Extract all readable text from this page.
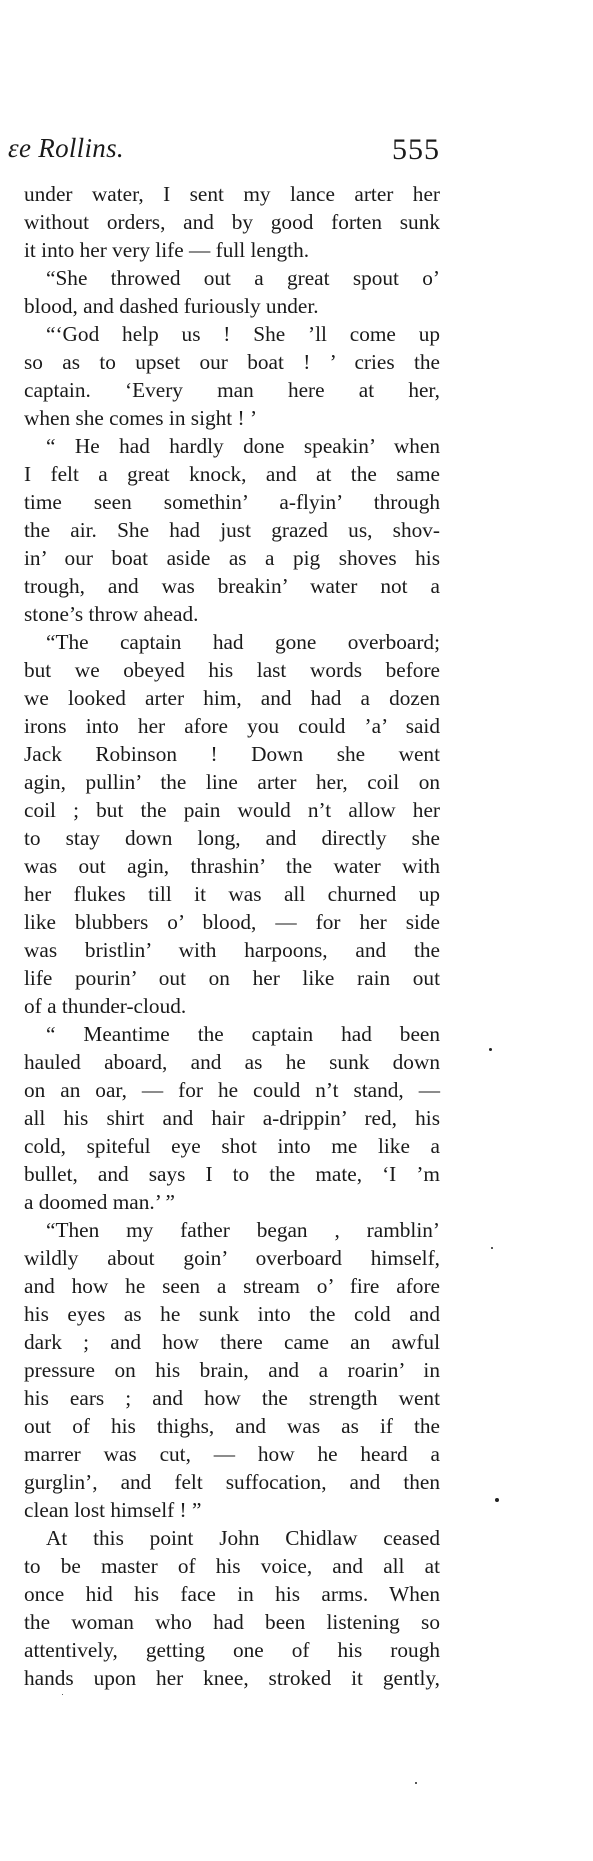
ɛe Rollins.	555
under water, I sent my lance arter her
without orders, and by good forten sunk
it into her very life — full length.
“She throwed out a great spout o’
blood, and dashed furiously under.
“‘God help us ! She ’ll come up
so as to upset our boat ! ’ cries the
captain. ‘Every man here at her,
when she comes in sight ! ’
“ He had hardly done speakin’ when
I felt a great knock, and at the same
time seen somethin’ a-flyin’ through
the air. She had just grazed us, shov-
in’ our boat aside as a pig shoves his
trough, and was breakin’ water not a
stone’s throw ahead.
“The captain had gone overboard;
but we obeyed his last words before
we looked arter him, and had a dozen
irons into her afore you could ’a’ said
Jack Robinson ! Down she went
agin, pullin’ the line arter her, coil on
coil ; but the pain would n’t allow her
to stay down long, and directly she
was out agin, thrashin’ the water with
her flukes till it was all churned up
like blubbers o’ blood, — for her side
was bristlin’ with harpoons, and the
life pourin’ out on her like rain out
of a thunder-cloud.
“ Meantime the captain had been
hauled aboard, and as he sunk down
on an oar, — for he could n’t stand, —
all his shirt and hair a-drippin’ red, his
cold, spiteful eye shot into me like a
bullet, and says I to the mate, ‘I ’m
a doomed man.’ ”
“Then my father began , ramblin’
wildly about goin’ overboard himself,
and how he seen a stream o’ fire afore
his eyes as he sunk into the cold and
dark ; and how there came an awful
pressure on his brain, and a roarin’ in
his ears ; and how the strength went
out of his thighs, and was as if the
marrer was cut, — how he heard a
gurglin’, and felt suffocation, and then
clean lost himself ! ”
At this point John Chidlaw ceased
to be master of his voice, and all at
once hid his face in his arms. When
the woman who had been listening so
attentively, getting one of his rough
hands upon her knee, stroked it gently,
